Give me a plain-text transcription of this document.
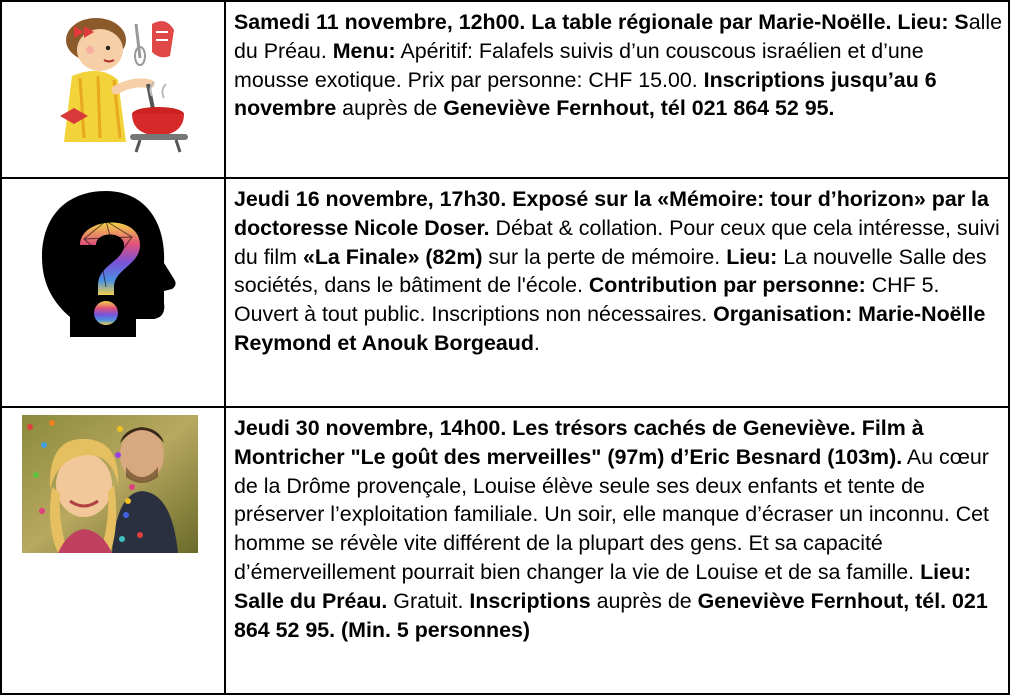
	Samedi 11 novembre, 12h00. La table régionale par Marie-Noëlle. Lieu: Salle du Préau. Menu: Apéritif: Falafels suivis d’un couscous israélien et d’une mousse exotique. Prix par personne: CHF 15.00. Inscriptions jusqu’au 6 novembre auprès de Geneviève Fernhout, tél 021 864 52 95.

	Jeudi 16 novembre, 17h30. Exposé sur la «Mémoire: tour d’horizon» par la doctoresse Nicole Doser. Débat & collation. Pour ceux que cela intéresse, suivi du film «La Finale» (82m) sur la perte de mémoire. Lieu: La nouvelle Salle des sociétés, dans le bâtiment de l'école. Contribution par personne: CHF 5. Ouvert à tout public. Inscriptions non nécessaires. Organisation: Marie-Noëlle Reymond et Anouk Borgeaud.

	Jeudi 30 novembre, 14h00. Les trésors cachés de Geneviève. Film à Montricher "Le goût des merveilles" (97m) d’Eric Besnard (103m). Au cœur de la Drôme provençale, Louise élève seule ses deux enfants et tente de préserver l’exploitation familiale. Un soir, elle manque d’écraser un inconnu. Cet homme se révèle vite différent de la plupart des gens. Et sa capacité d’émerveillement pourrait bien changer la vie de Louise et de sa famille. Lieu: Salle du Préau. Gratuit. Inscriptions auprès de Geneviève Fernhout, tél. 021 864 52 95. (Min. 5 personnes)
